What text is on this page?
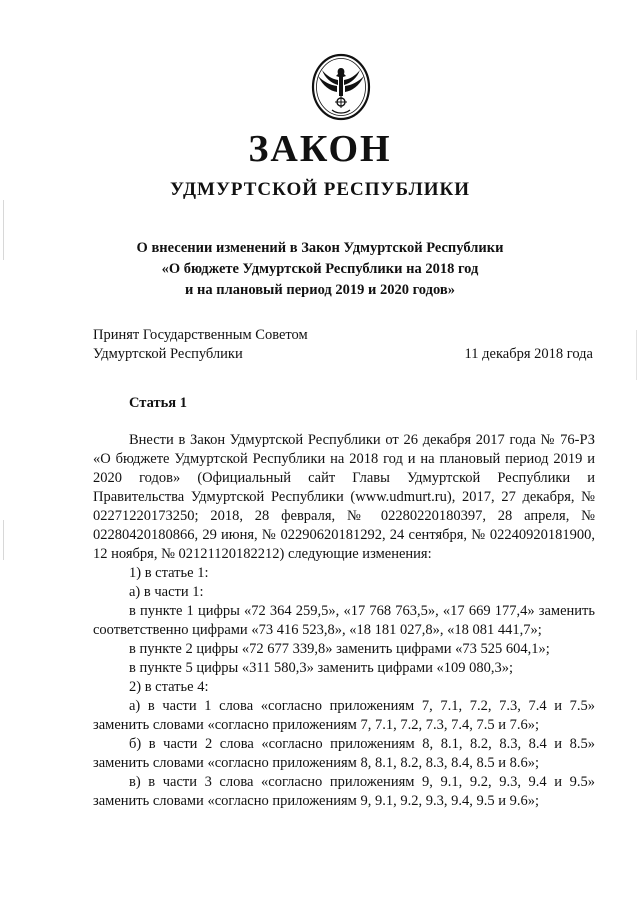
ЗАКОН
УДМУРТСКОЙ РЕСПУБЛИКИ
О внесении изменений в Закон Удмуртской Республики
«О бюджете Удмуртской Республики на 2018 год
и на плановый период 2019 и 2020 годов»
Принят Государственным Советом
Удмуртской Республики	11 декабря 2018 года
Статья 1
Внести в Закон Удмуртской Республики от 26 декабря 2017 года № 76-РЗ «О бюджете Удмуртской Республики на 2018 год и на плановый период 2019 и 2020 годов» (Официальный сайт Главы Удмуртской Республики и Правительства Удмуртской Республики (www.udmurt.ru), 2017, 27 декабря, № 02271220173250; 2018, 28 февраля, № 02280220180397, 28 апреля, № 02280420180866, 29 июня, № 02290620181292, 24 сентября, № 02240920181900, 12 ноября, № 02121120182212) следующие изменения:
1) в статье 1:
а) в части 1:
в пункте 1 цифры «72 364 259,5», «17 768 763,5», «17 669 177,4» заменить соответственно цифрами «73 416 523,8», «18 181 027,8», «18 081 441,7»;
в пункте 2 цифры «72 677 339,8» заменить цифрами «73 525 604,1»;
в пункте 5 цифры «311 580,3» заменить цифрами «109 080,3»;
2) в статье 4:
а) в части 1 слова «согласно приложениям 7, 7.1, 7.2, 7.3, 7.4 и 7.5» заменить словами «согласно приложениям 7, 7.1, 7.2, 7.3, 7.4, 7.5 и 7.6»;
б) в части 2 слова «согласно приложениям 8, 8.1, 8.2, 8.3, 8.4 и 8.5» заменить словами «согласно приложениям 8, 8.1, 8.2, 8.3, 8.4, 8.5 и 8.6»;
в) в части 3 слова «согласно приложениям 9, 9.1, 9.2, 9.3, 9.4 и 9.5» заменить словами «согласно приложениям 9, 9.1, 9.2, 9.3, 9.4, 9.5 и 9.6»;
